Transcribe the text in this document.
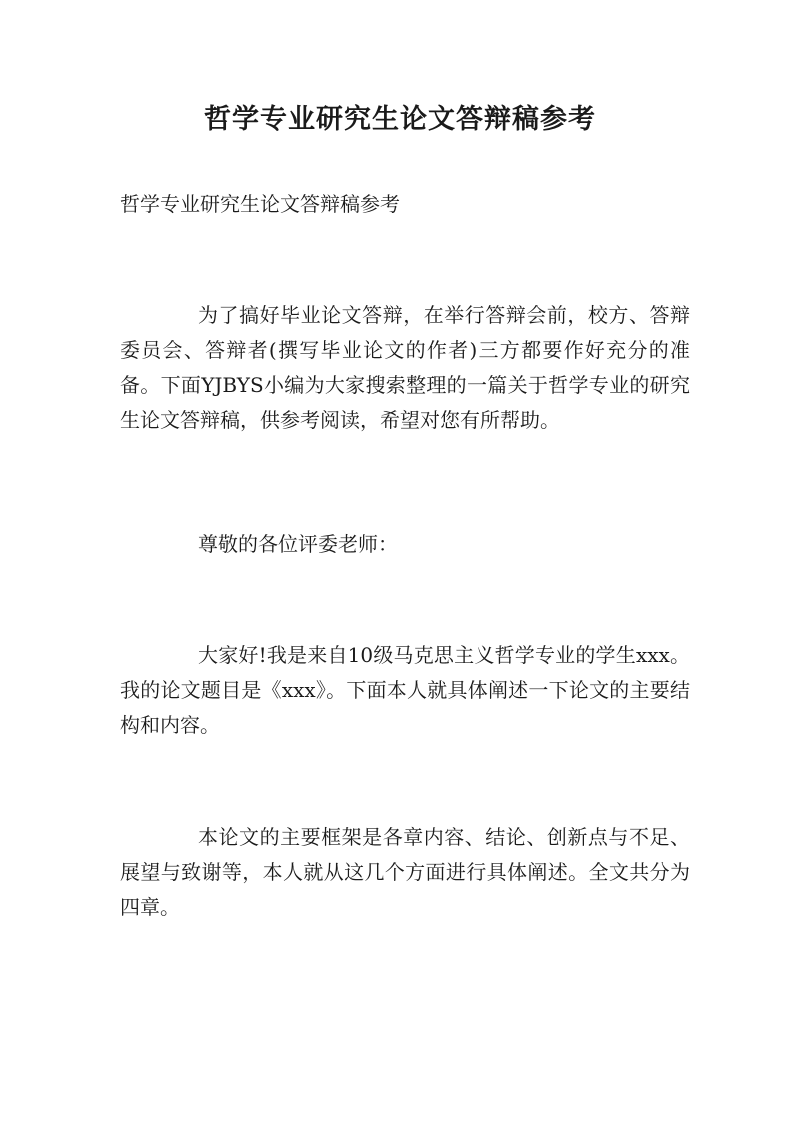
哲学专业研究生论文答辩稿参考

哲学专业研究生论文答辩稿参考

为了搞好毕业论文答辩，在举行答辩会前，校方、答辩委员会、答辩者(撰写毕业论文的作者)三方都要作好充分的准备。下面YJBYS小编为大家搜索整理的一篇关于哲学专业的研究生论文答辩稿，供参考阅读，希望对您有所帮助。

尊敬的各位评委老师：

大家好!我是来自10级马克思主义哲学专业的学生xxx。我的论文题目是《xxx》。下面本人就具体阐述一下论文的主要结构和内容。

本论文的主要框架是各章内容、结论、创新点与不足、展望与致谢等，本人就从这几个方面进行具体阐述。全文共分为四章。
